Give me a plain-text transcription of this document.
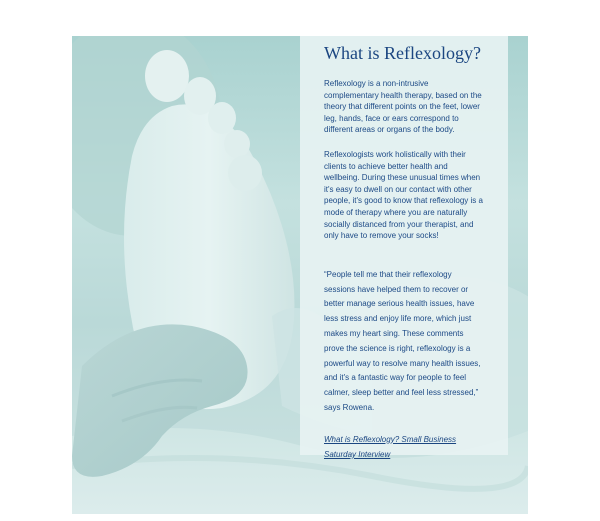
What is Reflexology?

Reflexology is a non-intrusive complementary health therapy, based on the theory that different points on the feet, lower leg, hands, face or ears correspond to different areas or organs of the body.

Reflexologists work holistically with their clients to achieve better health and wellbeing. During these unusual times when it's easy to dwell on our contact with other people, it's good to know that reflexology is a mode of therapy where you are naturally socially distanced from your therapist, and only have to remove your socks!

“People tell me that their reflexology sessions have helped them to recover or better manage serious health issues, have less stress and enjoy life more, which just makes my heart sing. These comments prove the science is right, reflexology is a powerful way to resolve many health issues, and it's a fantastic way for people to feel calmer, sleep better and feel less stressed,” says Rowena.

What is Reflexology? Small Business Saturday Interview
